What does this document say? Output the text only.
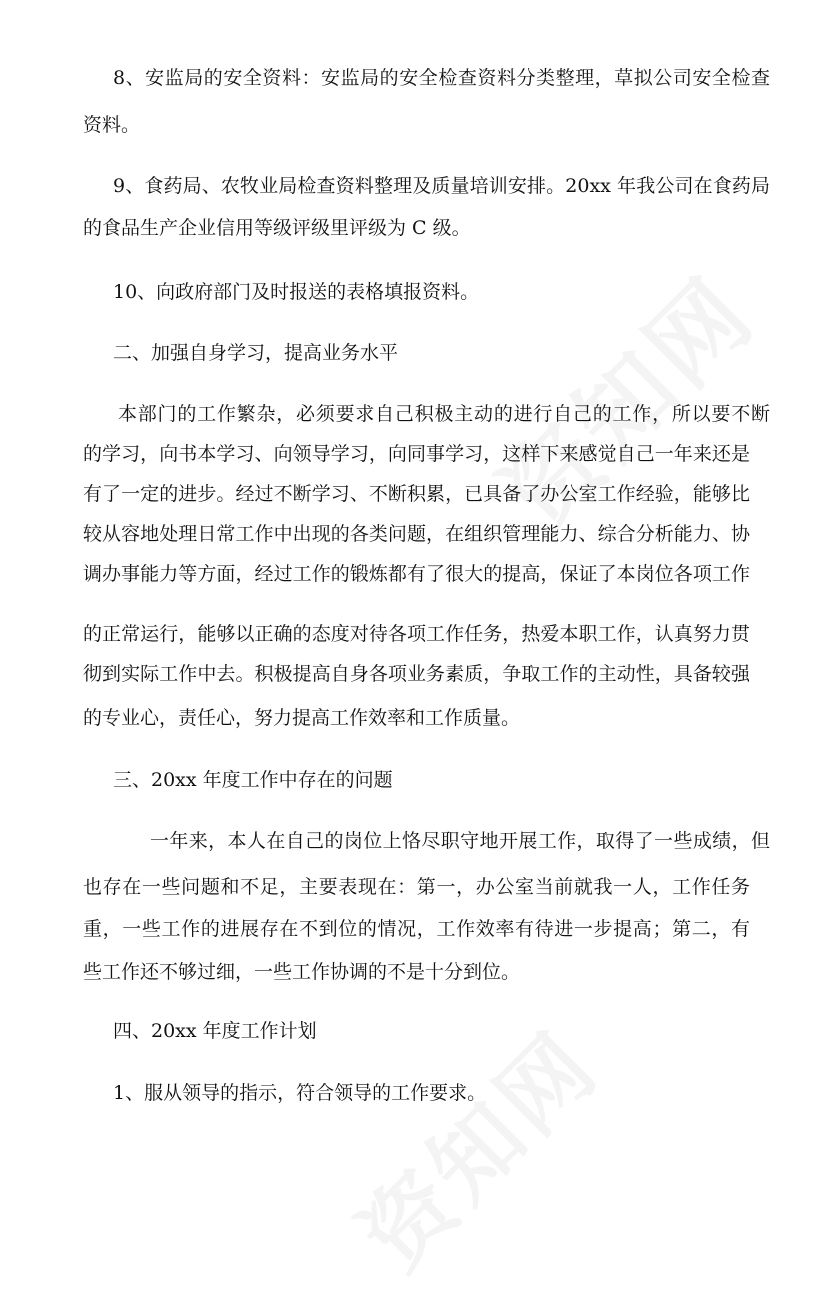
8、安监局的安全资料：安监局的安全检查资料分类整理，草拟公司安全检查
资料。
9、食药局、农牧业局检查资料整理及质量培训安排。20xx 年我公司在食药局
的食品生产企业信用等级评级里评级为 C 级。
10、向政府部门及时报送的表格填报资料。
二、加强自身学习，提高业务水平
本部门的工作繁杂，必须要求自己积极主动的进行自己的工作，所以要不断
的学习，向书本学习、向领导学习，向同事学习，这样下来感觉自己一年来还是
有了一定的进步。经过不断学习、不断积累，已具备了办公室工作经验，能够比
较从容地处理日常工作中出现的各类问题，在组织管理能力、综合分析能力、协
调办事能力等方面，经过工作的锻炼都有了很大的提高，保证了本岗位各项工作
的正常运行，能够以正确的态度对待各项工作任务，热爱本职工作，认真努力贯
彻到实际工作中去。积极提高自身各项业务素质，争取工作的主动性，具备较强
的专业心，责任心，努力提高工作效率和工作质量。
三、20xx 年度工作中存在的问题
一年来，本人在自己的岗位上恪尽职守地开展工作，取得了一些成绩，但
也存在一些问题和不足，主要表现在：第一，办公室当前就我一人，工作任务
重，一些工作的进展存在不到位的情况，工作效率有待进一步提高；第二，有
些工作还不够过细，一些工作协调的不是十分到位。
四、20xx 年度工作计划
1、服从领导的指示，符合领导的工作要求。
